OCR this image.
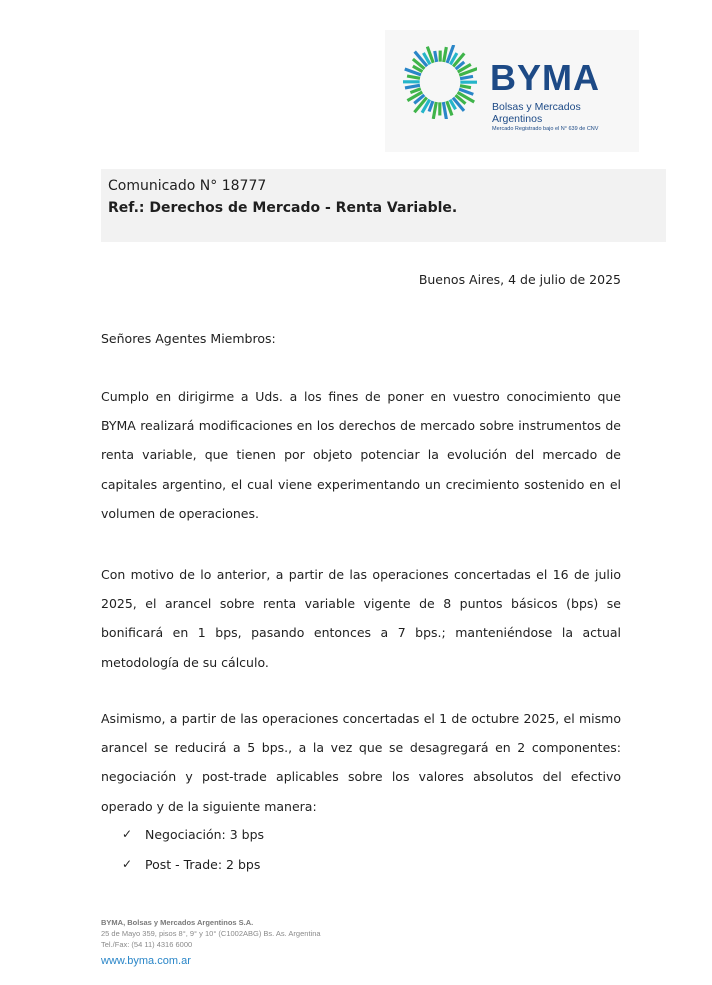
BYMA
Bolsas y Mercados Argentinos
Mercado Registrado bajo el N° 639 de CNV
Comunicado N° 18777
Ref.: Derechos de Mercado - Renta Variable.
Buenos Aires, 4 de julio de 2025
Señores Agentes Miembros:

Cumplo en dirigirme a Uds. a los fines de poner en vuestro conocimiento que BYMA realizará modificaciones en los derechos de mercado sobre instrumentos de renta variable, que tienen por objeto potenciar la evolución del mercado de capitales argentino, el cual viene experimentando un crecimiento sostenido en el volumen de operaciones.

Con motivo de lo anterior, a partir de las operaciones concertadas el 16 de julio 2025, el arancel sobre renta variable vigente de 8 puntos básicos (bps) se bonificará en 1 bps, pasando entonces a 7 bps.; manteniéndose la actual metodología de su cálculo.

Asimismo, a partir de las operaciones concertadas el 1 de octubre 2025, el mismo arancel se reducirá a 5 bps., a la vez que se desagregará en 2 componentes: negociación y post-trade aplicables sobre los valores absolutos del efectivo operado y de la siguiente manera:

✓ Negociación: 3 bps
✓ Post - Trade: 2 bps
BYMA, Bolsas y Mercados Argentinos S.A.
25 de Mayo 359, pisos 8°, 9° y 10° (C1002ABG) Bs. As. Argentina
Tel./Fax: (54 11) 4316 6000
www.byma.com.ar
